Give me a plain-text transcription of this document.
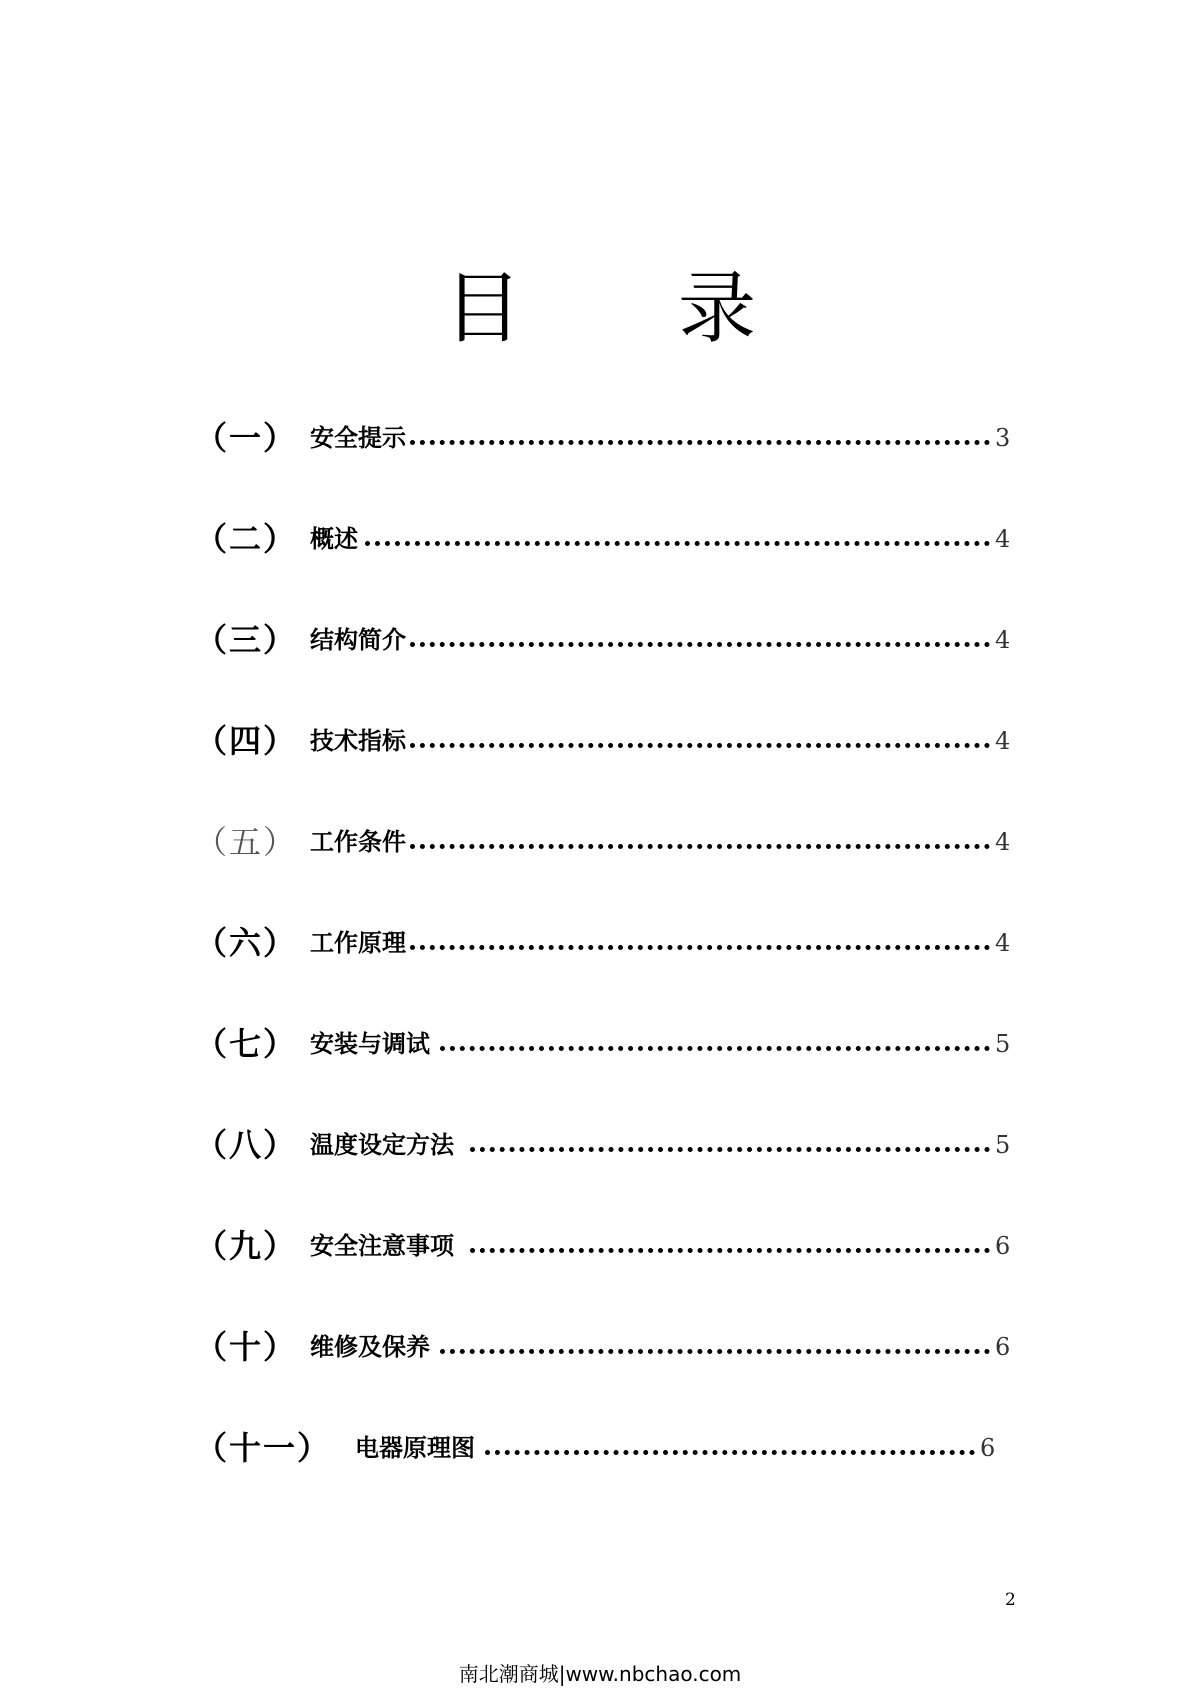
目　　录
（一） 安全提示	3
（二） 概述	4
（三） 结构简介	4
（四） 技术指标	4
（五） 工作条件	4
（六） 工作原理	4
（七） 安装与调试	5
（八） 温度设定方法	5
（九） 安全注意事项	6
（十） 维修及保养	6
（十一） 电器原理图	6
2
南北潮商城|www.nbchao.com
